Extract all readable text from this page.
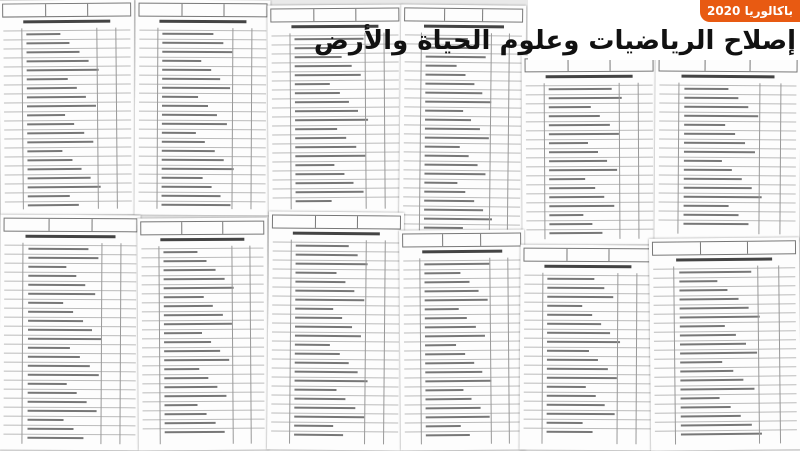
باكالوريا 2020
إصلاح الرياضيات وعلوم الحياة والأرض
